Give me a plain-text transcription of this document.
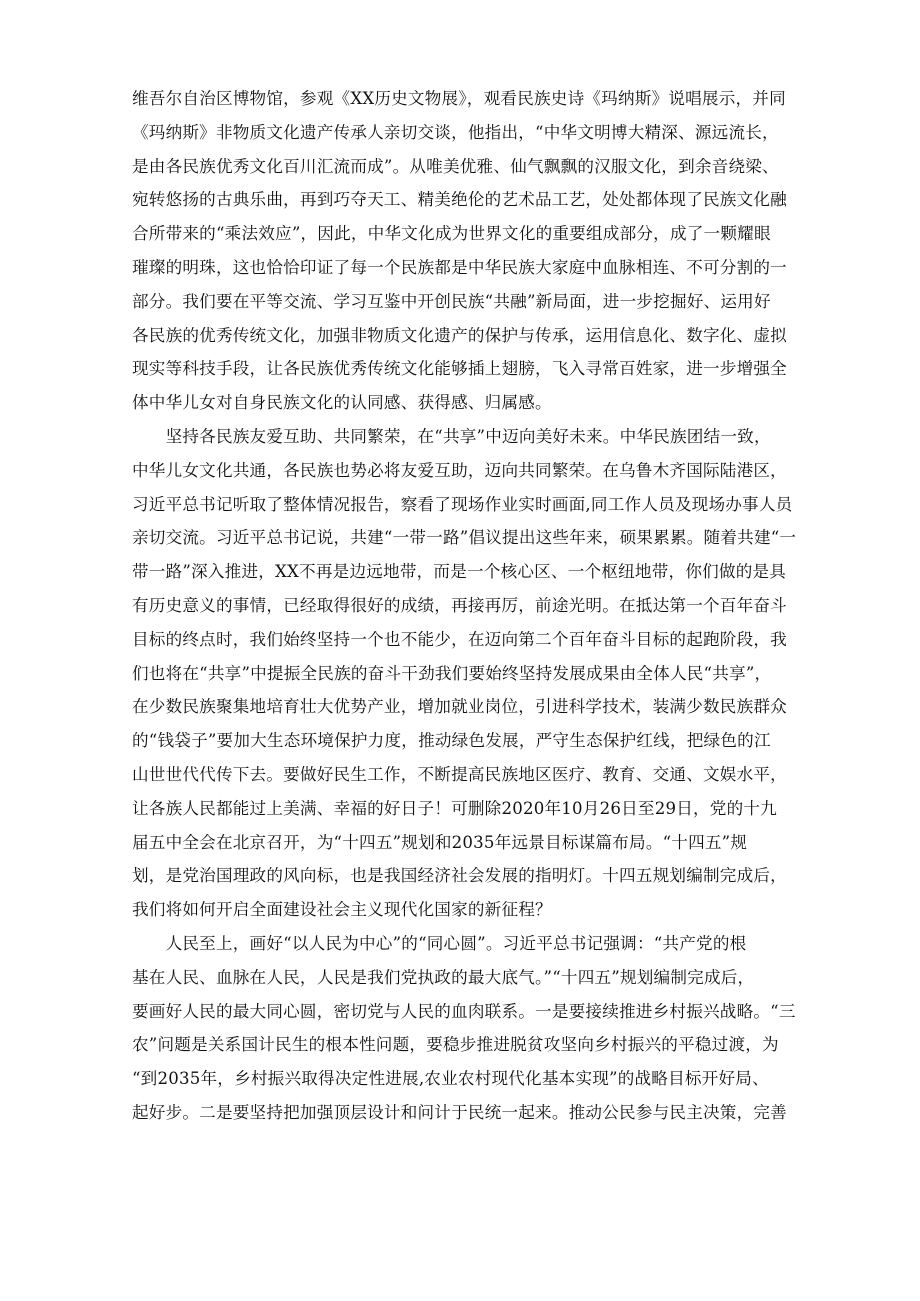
维吾尔自治区博物馆，参观《XX历史文物展》，观看民族史诗《玛纳斯》说唱展示，并同
《玛纳斯》非物质文化遗产传承人亲切交谈，他指出，“中华文明博大精深、源远流长，
是由各民族优秀文化百川汇流而成”。从唯美优雅、仙气飘飘的汉服文化，到余音绕梁、
宛转悠扬的古典乐曲，再到巧夺天工、精美绝伦的艺术品工艺，处处都体现了民族文化融
合所带来的“乘法效应”，因此，中华文化成为世界文化的重要组成部分，成了一颗耀眼
璀璨的明珠，这也恰恰印证了每一个民族都是中华民族大家庭中血脉相连、不可分割的一
部分。我们要在平等交流、学习互鉴中开创民族“共融”新局面，进一步挖掘好、运用好
各民族的优秀传统文化，加强非物质文化遗产的保护与传承，运用信息化、数字化、虚拟
现实等科技手段，让各民族优秀传统文化能够插上翅膀，飞入寻常百姓家，进一步增强全
体中华儿女对自身民族文化的认同感、获得感、归属感。
　　坚持各民族友爱互助、共同繁荣，在“共享”中迈向美好未来。中华民族团结一致，
中华儿女文化共通，各民族也势必将友爱互助，迈向共同繁荣。在乌鲁木齐国际陆港区，
习近平总书记听取了整体情况报告，察看了现场作业实时画面,同工作人员及现场办事人员
亲切交流。习近平总书记说，共建“一带一路”倡议提出这些年来，硕果累累。随着共建“一
带一路”深入推进，XX不再是边远地带，而是一个核心区、一个枢纽地带，你们做的是具
有历史意义的事情，已经取得很好的成绩，再接再厉，前途光明。在抵达第一个百年奋斗
目标的终点时，我们始终坚持一个也不能少，在迈向第二个百年奋斗目标的起跑阶段，我
们也将在“共享”中提振全民族的奋斗干劲我们要始终坚持发展成果由全体人民“共享”，
在少数民族聚集地培育壮大优势产业，增加就业岗位，引进科学技术，装满少数民族群众
的“钱袋子”要加大生态环境保护力度，推动绿色发展，严守生态保护红线，把绿色的江
山世世代代传下去。要做好民生工作，不断提高民族地区医疗、教育、交通、文娱水平，
让各族人民都能过上美满、幸福的好日子！可删除2020年10月26日至29日，党的十九
届五中全会在北京召开，为“十四五”规划和2035年远景目标谋篇布局。“十四五”规
划，是党治国理政的风向标，也是我国经济社会发展的指明灯。十四五规划编制完成后，
我们将如何开启全面建设社会主义现代化国家的新征程？
　　人民至上，画好“以人民为中心”的“同心圆”。习近平总书记强调：“共产党的根
基在人民、血脉在人民，人民是我们党执政的最大底气。”“十四五”规划编制完成后，
要画好人民的最大同心圆，密切党与人民的血肉联系。一是要接续推进乡村振兴战略。“三
农”问题是关系国计民生的根本性问题，要稳步推进脱贫攻坚向乡村振兴的平稳过渡，为
“到2035年，乡村振兴取得决定性进展,农业农村现代化基本实现”的战略目标开好局、
起好步。二是要坚持把加强顶层设计和问计于民统一起来。推动公民参与民主决策，完善
